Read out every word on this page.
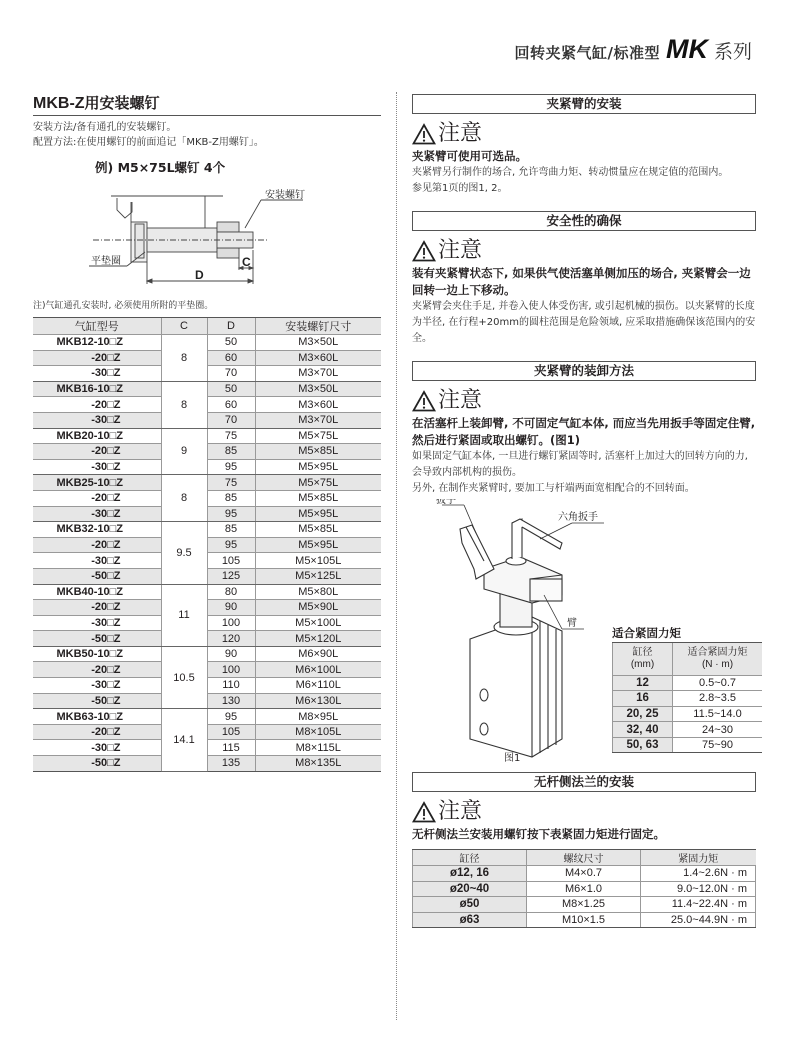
回转夹紧气缸/标准型 MK 系列
MKB-Z用安装螺钉
安装方法/备有通孔的安装螺钉。
配置方法:在使用螺钉的前面追记「MKB-Z用螺钉」。
例) M5×75L螺钉 4个
安装螺钉
平垫圈	C
D
注)气缸通孔安装时, 必须使用所附的平垫圈。
气缸型号	C	D	安装螺钉尺寸
MKB12-10□Z	8	50	M3×50L
-20□Z		60	M3×60L
-30□Z		70	M3×70L
MKB16-10□Z	8	50	M3×50L
-20□Z		60	M3×60L
-30□Z		70	M3×70L
MKB20-10□Z	9	75	M5×75L
-20□Z		85	M5×85L
-30□Z		95	M5×95L
MKB25-10□Z	8	75	M5×75L
-20□Z		85	M5×85L
-30□Z		95	M5×95L
MKB32-10□Z	9.5	85	M5×85L
-20□Z		95	M5×95L
-30□Z		105	M5×105L
-50□Z		125	M5×125L
MKB40-10□Z	11	80	M5×80L
-20□Z		90	M5×90L
-30□Z		100	M5×100L
-50□Z		120	M5×120L
MKB50-10□Z	10.5	90	M6×90L
-20□Z		100	M6×100L
-30□Z		110	M6×110L
-50□Z		130	M6×130L
MKB63-10□Z	14.1	95	M8×95L
-20□Z		105	M8×105L
-30□Z		115	M8×115L
-50□Z		135	M8×135L
夹紧臂的安装
注意
夹紧臂可使用可选品。
夹紧臂另行制作的场合, 允许弯曲力矩、转动惯量应在规定值的范围内。
参见第1页的图1, 2。
安全性的确保
注意
装有夹紧臂状态下, 如果供气使活塞单侧加压的场合, 夹紧臂会一边回转一边上下移动。
夹紧臂会夹住手足, 并卷入使人体受伤害, 或引起机械的损伤。以夹紧臂的长度为半径, 在行程+20mm的圆柱范围是危险领域, 应采取措施确保该范围内的安全。
夹紧臂的装卸方法
注意
在活塞杆上装卸臂, 不可固定气缸本体, 而应当先用扳手等固定住臂, 然后进行紧固或取出螺钉。(图1)
如果固定气缸本体, 一旦进行螺钉紧固等时, 活塞杆上加过大的回转方向的力, 会导致内部机构的损伤。
另外, 在制作夹紧臂时, 要加工与杆端两面宽相配合的不回转面。
扳手
六角扳手
臂
图1
适合紧固力矩
缸径
(mm)	适合紧固力矩
(N · m)
12	0.5~0.7
16	2.8~3.5
20, 25	11.5~14.0
32, 40	24~30
50, 63	75~90
无杆侧法兰的安装
注意
无杆侧法兰安装用螺钉按下表紧固力矩进行固定。
缸径	螺纹尺寸	紧固力矩
ø12, 16	M4×0.7	1.4~2.6N · m
ø20~40	M6×1.0	9.0~12.0N · m
ø50	M8×1.25	11.4~22.4N · m
ø63	M10×1.5	25.0~44.9N · m
